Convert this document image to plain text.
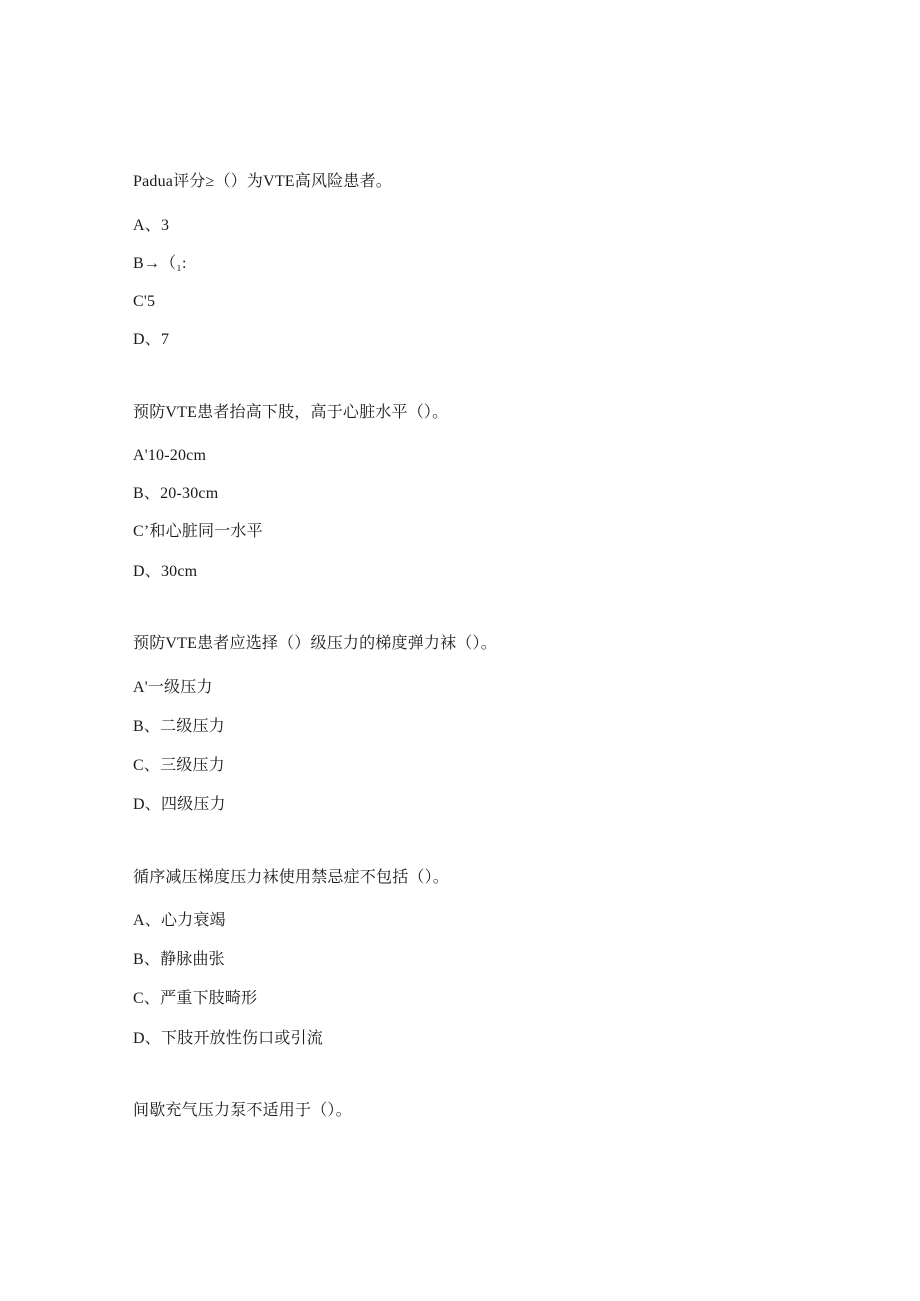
Padua评分≥（）为VTE高风险患者。
A、3
B→（₁:
C'5
D、7
预防VTE患者抬高下肢，高于心脏水平（）。
A'10-20cm
B、20-30cm
C’和心脏同一水平
D、30cm
预防VTE患者应选择（）级压力的梯度弹力袜（）。
A'一级压力
B、二级压力
C、三级压力
D、四级压力
循序减压梯度压力袜使用禁忌症不包括（）。
A、心力衰竭
B、静脉曲张
C、严重下肢畸形
D、下肢开放性伤口或引流
间歇充气压力泵不适用于（）。
